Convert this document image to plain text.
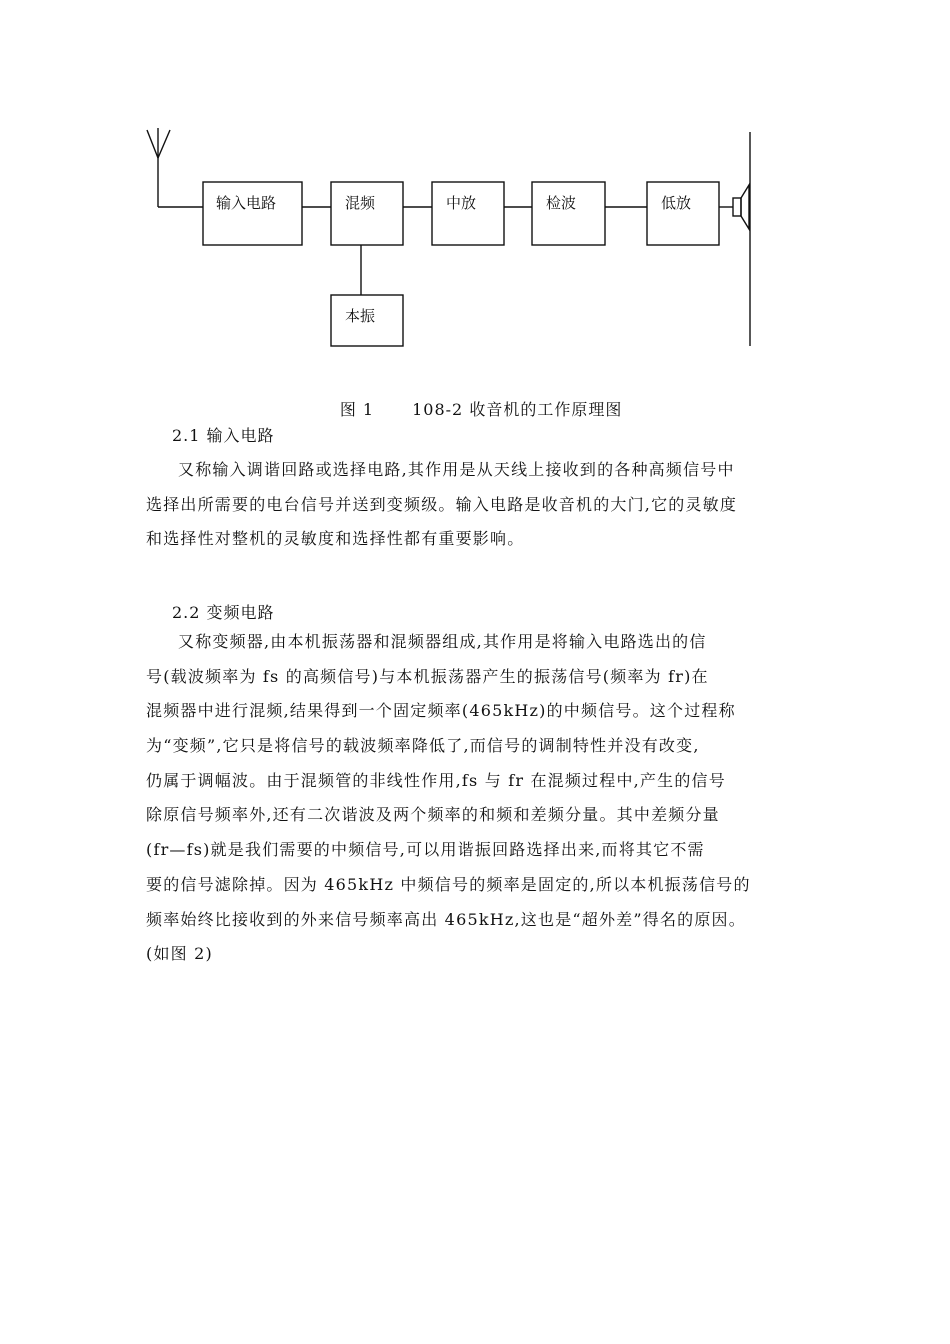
输入电路	混频	中放	检波	低放
本振

图 1 108-2 收音机的工作原理图

2.1 输入电路
又称输入调谐回路或选择电路,其作用是从天线上接收到的各种高频信号中
选择出所需要的电台信号并送到变频级。输入电路是收音机的大门,它的灵敏度
和选择性对整机的灵敏度和选择性都有重要影响。
2.2 变频电路
又称变频器,由本机振荡器和混频器组成,其作用是将输入电路选出的信
号(载波频率为 fs 的高频信号)与本机振荡器产生的振荡信号(频率为 fr)在
混频器中进行混频,结果得到一个固定频率(465kHz)的中频信号。这个过程称
为“变频”,它只是将信号的载波频率降低了,而信号的调制特性并没有改变,
仍属于调幅波。由于混频管的非线性作用,fs 与 fr 在混频过程中,产生的信号
除原信号频率外,还有二次谐波及两个频率的和频和差频分量。其中差频分量
(fr—fs)就是我们需要的中频信号,可以用谐振回路选择出来,而将其它不需
要的信号滤除掉。因为 465kHz 中频信号的频率是固定的,所以本机振荡信号的
频率始终比接收到的外来信号频率高出 465kHz,这也是“超外差”得名的原因。
(如图 2)
